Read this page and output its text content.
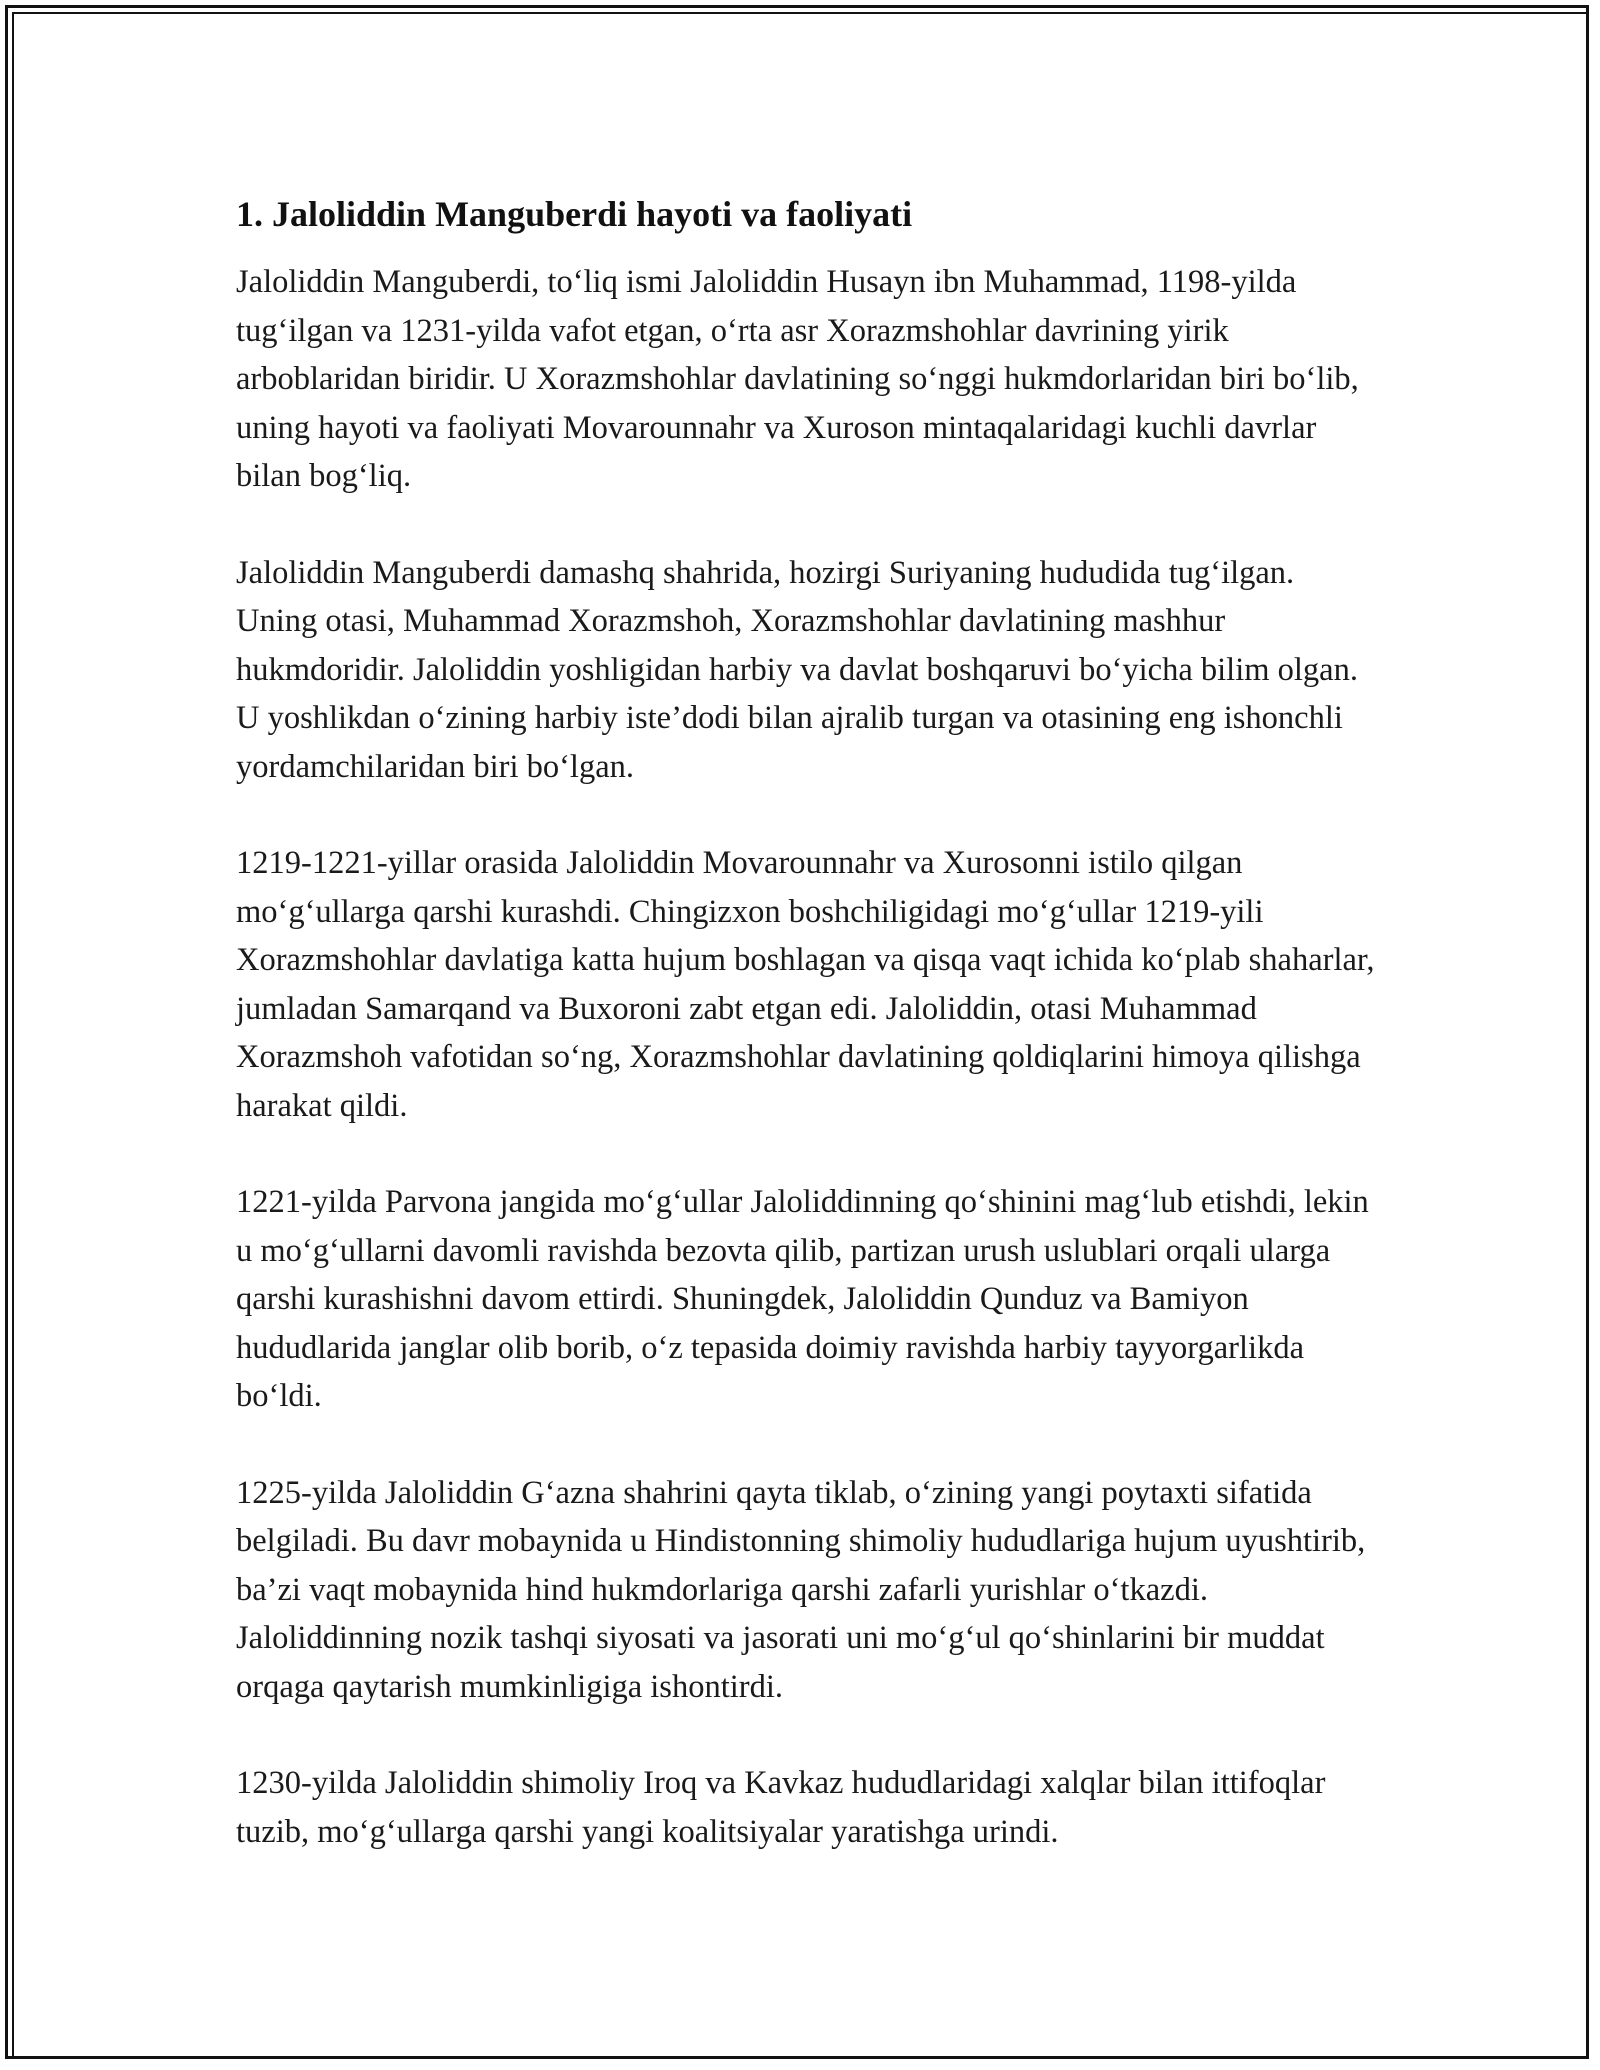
1. Jaloliddin Manguberdi hayoti va faoliyati

Jaloliddin Manguberdi, to‘liq ismi Jaloliddin Husayn ibn Muhammad, 1198-yilda tug‘ilgan va 1231-yilda vafot etgan, o‘rta asr Xorazmshohlar davrining yirik arboblaridan biridir. U Xorazmshohlar davlatining so‘nggi hukmdorlaridan biri bo‘lib, uning hayoti va faoliyati Movarounnahr va Xuroson mintaqalaridagi kuchli davrlar bilan bog‘liq.

Jaloliddin Manguberdi damashq shahrida, hozirgi Suriyaning hududida tug‘ilgan. Uning otasi, Muhammad Xorazmshoh, Xorazmshohlar davlatining mashhur hukmdoridir. Jaloliddin yoshligidan harbiy va davlat boshqaruvi bo‘yicha bilim olgan. U yoshlikdan o‘zining harbiy iste’dodi bilan ajralib turgan va otasining eng ishonchli yordamchilaridan biri bo‘lgan.

1219-1221-yillar orasida Jaloliddin Movarounnahr va Xurosonni istilo qilgan mo‘g‘ullarga qarshi kurashdi. Chingizxon boshchiligidagi mo‘g‘ullar 1219-yili Xorazmshohlar davlatiga katta hujum boshlagan va qisqa vaqt ichida ko‘plab shaharlar, jumladan Samarqand va Buxoroni zabt etgan edi. Jaloliddin, otasi Muhammad Xorazmshoh vafotidan so‘ng, Xorazmshohlar davlatining qoldiqlarini himoya qilishga harakat qildi.

1221-yilda Parvona jangida mo‘g‘ullar Jaloliddinning qo‘shinini mag‘lub etishdi, lekin u mo‘g‘ullarni davomli ravishda bezovta qilib, partizan urush uslublari orqali ularga qarshi kurashishni davom ettirdi. Shuningdek, Jaloliddin Qunduz va Bamiyon hududlarida janglar olib borib, o‘z tepasida doimiy ravishda harbiy tayyorgarlikda bo‘ldi.

1225-yilda Jaloliddin G‘azna shahrini qayta tiklab, o‘zining yangi poytaxti sifatida belgiladi. Bu davr mobaynida u Hindistonning shimoliy hududlariga hujum uyushtirib, ba’zi vaqt mobaynida hind hukmdorlariga qarshi zafarli yurishlar o‘tkazdi. Jaloliddinning nozik tashqi siyosati va jasorati uni mo‘g‘ul qo‘shinlarini bir muddat orqaga qaytarish mumkinligiga ishontirdi.

1230-yilda Jaloliddin shimoliy Iroq va Kavkaz hududlaridagi xalqlar bilan ittifoqlar tuzib, mo‘g‘ullarga qarshi yangi koalitsiyalar yaratishga urindi.
